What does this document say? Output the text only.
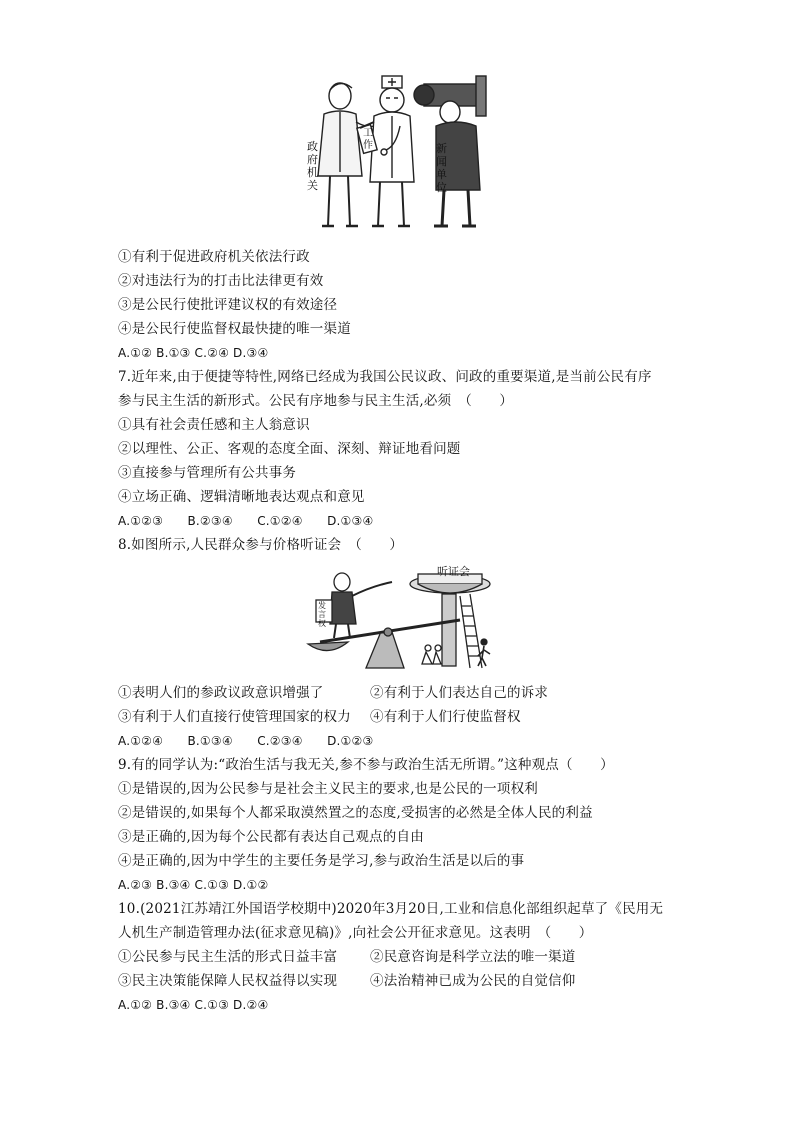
政府机关
工作	新闻单位
①有利于促进政府机关依法行政
②对违法行为的打击比法律更有效
③是公民行使批评建议权的有效途径
④是公民行使监督权最快捷的唯一渠道
A.①② B.①③ C.②④ D.③④
7.近年来,由于便捷等特性,网络已经成为我国公民议政、问政的重要渠道,是当前公民有序
参与民主生活的新形式。公民有序地参与民主生活,必须　（　　）
①具有社会责任感和主人翁意识
②以理性、公正、客观的态度全面、深刻、辩证地看问题
③直接参与管理所有公共事务
④立场正确、逻辑清晰地表达观点和意见
A.①②③　　B.②③④　　C.①②④　　D.①③④
8.如图所示,人民群众参与价格听证会　（　　）
听证会
发言权
①表明人们的参政议政意识增强了	②有利于人们表达自己的诉求
③有利于人们直接行使管理国家的权力 ④有利于人们行使监督权
A.①②④　　B.①③④　　C.②③④　　D.①②③
9.有的同学认为:“政治生活与我无关,参不参与政治生活无所谓。”这种观点（　　）
①是错误的,因为公民参与是社会主义民主的要求,也是公民的一项权利
②是错误的,如果每个人都采取漠然置之的态度,受损害的必然是全体人民的利益
③是正确的,因为每个公民都有表达自己观点的自由
④是正确的,因为中学生的主要任务是学习,参与政治生活是以后的事
A.②③ B.③④ C.①③ D.①②
10.(2021江苏靖江外国语学校期中)2020年3月20日,工业和信息化部组织起草了《民用无
人机生产制造管理办法(征求意见稿)》,向社会公开征求意见。这表明　（　　）
①公民参与民主生活的形式日益丰富 ②民意咨询是科学立法的唯一渠道
③民主决策能保障人民权益得以实现 ④法治精神已成为公民的自觉信仰
A.①② B.③④ C.①③ D.②④
